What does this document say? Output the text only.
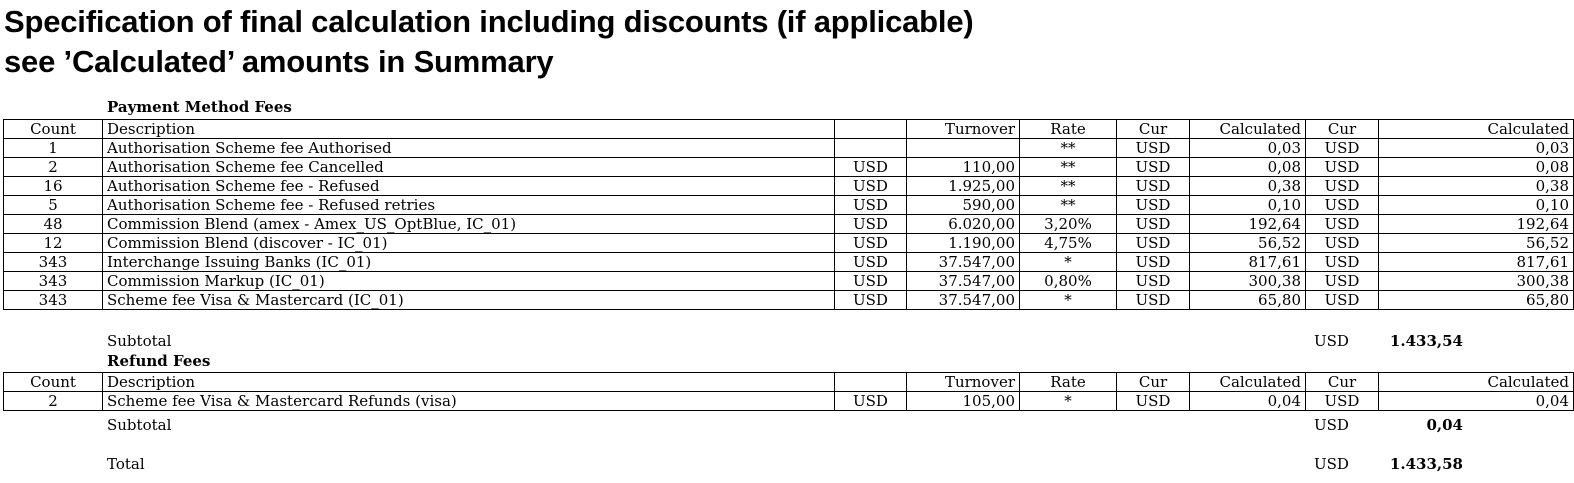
Specification of final calculation including discounts (if applicable)
see ’Calculated’ amounts in Summary
Payment Method Fees
Count	Description		Turnover	Rate	Cur	Calculated	Cur	Calculated
1	Authorisation Scheme fee Authorised			**	USD	0,03	USD	0,03
2	Authorisation Scheme fee Cancelled	USD	110,00	**	USD	0,08	USD	0,08
16	Authorisation Scheme fee - Refused	USD	1.925,00	**	USD	0,38	USD	0,38
5	Authorisation Scheme fee - Refused retries	USD	590,00	**	USD	0,10	USD	0,10
48	Commission Blend (amex - Amex_US_OptBlue, IC_01)	USD	6.020,00	3,20%	USD	192,64	USD	192,64
12	Commission Blend (discover - IC_01)	USD	1.190,00	4,75%	USD	56,52	USD	56,52
343	Interchange Issuing Banks (IC_01)	USD	37.547,00	*	USD	817,61	USD	817,61
343	Commission Markup (IC_01)	USD	37.547,00	0,80%	USD	300,38	USD	300,38
343	Scheme fee Visa & Mastercard (IC_01)	USD	37.547,00	*	USD	65,80	USD	65,80
Subtotal	USD	1.433,54
Refund Fees
Count	Description		Turnover	Rate	Cur	Calculated	Cur	Calculated
2	Scheme fee Visa & Mastercard Refunds (visa)	USD	105,00	*	USD	0,04	USD	0,04
Subtotal	USD	0,04
Total	USD	1.433,58
